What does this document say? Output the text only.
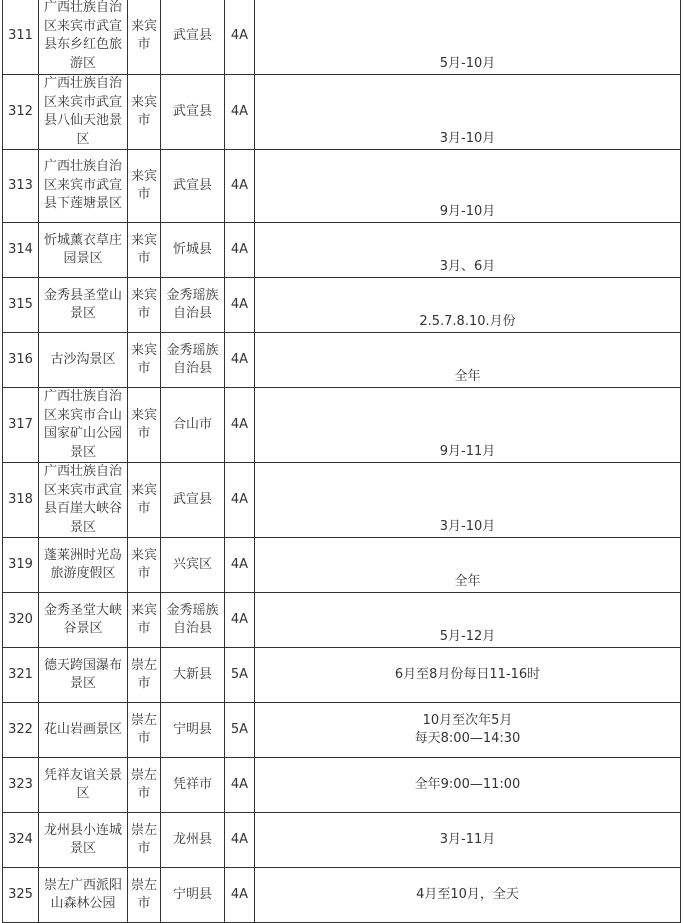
311	广西壮族自治区来宾市武宣县东乡红色旅游区	来宾市	武宣县	4A	5月-10月

312	广西壮族自治区来宾市武宣县八仙天池景区	来宾市	武宣县	4A	3月-10月

313	广西壮族自治区来宾市武宣县下莲塘景区	来宾市	武宣县	4A	9月-10月

314	忻城薰衣草庄园景区	来宾市	忻城县	4A	3月、6月

315	金秀县圣堂山景区	来宾市	金秀瑶族自治县	4A	2.5.7.8.10.月份

316	古沙沟景区	来宾市	金秀瑶族自治县	4A	全年

317	广西壮族自治区来宾市合山国家矿山公园景区	来宾市	合山市	4A	9月-11月

318	广西壮族自治区来宾市武宣县百崖大峡谷景区	来宾市	武宣县	4A	3月-10月

319	蓬莱洲时光岛旅游度假区	来宾市	兴宾区	4A	全年

320	金秀圣堂大峡谷景区	来宾市	金秀瑶族自治县	4A	5月-12月

321	德天跨国瀑布景区	崇左市	大新县	5A	6月至8月份每日11-16时

322	花山岩画景区	崇左市	宁明县	5A	10月至次年5月
每天8:00—14:30

323	凭祥友谊关景区	崇左市	凭祥市	4A	全年9:00—11:00

324	龙州县小连城景区	崇左市	龙州县	4A	3月-11月

325	崇左广西派阳山森林公园	崇左市	宁明县	4A	4月至10月，全天
